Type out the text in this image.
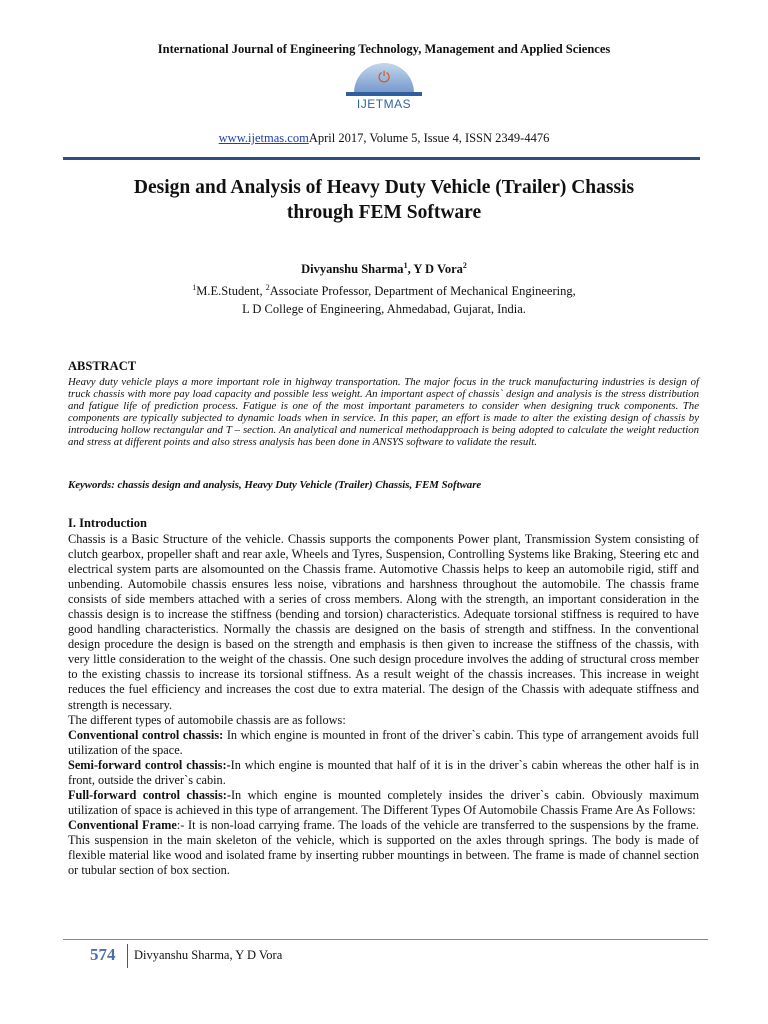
International Journal of Engineering Technology, Management and Applied Sciences
⏻
IJETMAS
www.ijetmas.comApril 2017, Volume 5, Issue 4, ISSN 2349-4476
Design and Analysis of Heavy Duty Vehicle (Trailer) Chassis
through FEM Software
Divyanshu Sharma$^1$, Y D Vora$^2$
$^1$M.E.Student, $^2$Associate Professor, Department of Mechanical Engineering,
L D College of Engineering, Ahmedabad, Gujarat, India.
ABSTRACT
Heavy duty vehicle plays a more important role in highway transportation. The major focus in the truck manufacturing industries is design of truck chassis with more pay load capacity and possible less weight. An important aspect of chassis` design and analysis is the stress distribution and fatigue life of prediction process. Fatigue is one of the most important parameters to consider when designing truck components. The components are typically subjected to dynamic loads when in service. In this paper, an effort is made to alter the existing design of chassis by introducing hollow rectangular and T – section. An analytical and numerical methodapproach is being adopted to calculate the weight reduction and stress at different points and also stress analysis has been done in ANSYS software to validate the result.
Keywords: chassis design and analysis, Heavy Duty Vehicle (Trailer) Chassis, FEM Software
I. Introduction

Chassis is a Basic Structure of the vehicle. Chassis supports the components Power plant, Transmission System consisting of clutch gearbox, propeller shaft and rear axle, Wheels and Tyres, Suspension, Controlling Systems like Braking, Steering etc and electrical system parts are alsomounted on the Chassis frame. Automotive Chassis helps to keep an automobile rigid, stiff and unbending. Automobile chassis ensures less noise, vibrations and harshness throughout the automobile. The chassis frame consists of side members attached with a series of cross members. Along with the strength, an important consideration in the chassis design is to increase the stiffness (bending and torsion) characteristics. Adequate torsional stiffness is required to have good handling characteristics. Normally the chassis are designed on the basis of strength and stiffness. In the conventional design procedure the design is based on the strength and emphasis is then given to increase the stiffness of the chassis, with very little consideration to the weight of the chassis. One such design procedure involves the adding of structural cross member to the existing chassis to increase its torsional stiffness. As a result weight of the chassis increases. This increase in weight reduces the fuel efficiency and increases the cost due to extra material. The design of the Chassis with adequate stiffness and strength is necessary.

The different types of automobile chassis are as follows:

Conventional control chassis: In which engine is mounted in front of the driver`s cabin. This type of arrangement avoids full utilization of the space.

Semi-forward control chassis:-In which engine is mounted that half of it is in the driver`s cabin whereas the other half is in front, outside the driver`s cabin.

Full-forward control chassis:-In which engine is mounted completely insides the driver`s cabin. Obviously maximum utilization of space is achieved in this type of arrangement. The Different Types Of Automobile Chassis Frame Are As Follows:

Conventional Frame:- It is non-load carrying frame. The loads of the vehicle are transferred to the suspensions by the frame. This suspension in the main skeleton of the vehicle, which is supported on the axles through springs. The body is made of flexible material like wood and isolated frame by inserting rubber mountings in between. The frame is made of channel section or tubular section of box section.

574 Divyanshu Sharma, Y D Vora
